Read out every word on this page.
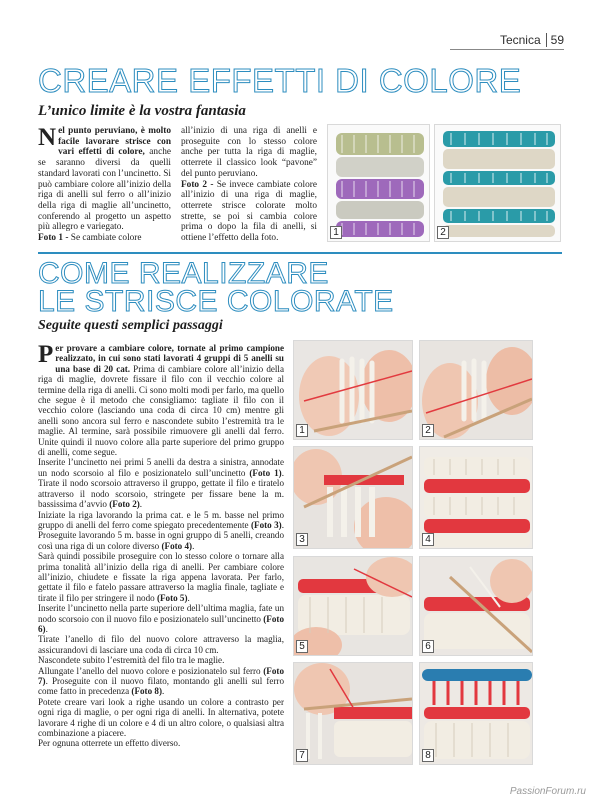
Tecnica 59
CREARE EFFETTI DI COLORE
L’unico limite è la vostra fantasia
Nel punto peruviano, è molto facile lavorare strisce con vari effetti di colore, anche se saranno diversi da quelli standard lavorati con l’uncinetto. Si può cambiare colore all’inizio della riga di anelli sul ferro o all’inizio della riga di maglie all’uncinetto, conferendo al progetto un aspetto più allegro e variegato.
Foto 1 - Se cambiate colore
all’inizio di una riga di anelli e proseguite con lo stesso colore anche per tutta la riga di maglie, otterrete il classico look “pavone” del punto peruviano.
Foto 2 - Se invece cambiate colore all’inizio di una riga di maglie, otterrete strisce colorate molto strette, se poi si cambia colore prima o dopo la fila di anelli, si ottiene l’effetto della foto.
1	2
COME REALIZZARE
LE STRISCE COLORATE
Seguite questi semplici passaggi
Per provare a cambiare colore, tornate al primo campione realizzato, in cui sono stati lavorati 4 gruppi di 5 anelli su una base di 20 cat. Prima di cambiare colore all’inizio della riga di maglie, dovrete fissare il filo con il vecchio colore al termine della riga di anelli. Ci sono molti modi per farlo, ma quello che segue è il metodo che consigliamo: tagliate il filo con il vecchio colore (lasciando una coda di circa 10 cm) mentre gli anelli sono ancora sul ferro e nascondete subito l’estremità tra le maglie. Al termine, sarà possibile rimuovere gli anelli dal ferro. Unite quindi il nuovo colore alla parte superiore del primo gruppo di anelli, come segue.
Inserite l’uncinetto nei primi 5 anelli da destra a sinistra, annodate un nodo scorsoio al filo e posizionatelo sull’uncinetto (Foto 1). Tirate il nodo scorsoio attraverso il gruppo, gettate il filo e tiratelo attraverso il nodo scorsoio, stringete per fissare bene la m. bassissima d’avvio (Foto 2).
Iniziate la riga lavorando la prima cat. e le 5 m. basse nel primo gruppo di anelli del ferro come spiegato precedentemente (Foto 3). Proseguite lavorando 5 m. basse in ogni gruppo di 5 anelli, creando così una riga di un colore diverso (Foto 4).
Sarà quindi possibile proseguire con lo stesso colore o tornare alla prima tonalità all’inizio della riga di anelli. Per cambiare colore all’inizio, chiudete e fissate la riga appena lavorata. Per farlo, gettate il filo e fatelo passare attraverso la maglia finale, tagliate e tirate il filo per stringere il nodo (Foto 5).
Inserite l’uncinetto nella parte superiore dell’ultima maglia, fate un nodo scorsoio con il nuovo filo e posizionatelo sull’uncinetto (Foto 6).
Tirate l’anello di filo del nuovo colore attraverso la maglia, assicurandovi di lasciare una coda di circa 10 cm.
Nascondete subito l’estremità del filo tra le maglie.
Allungate l’anello del nuovo colore e posizionatelo sul ferro (Foto 7). Proseguite con il nuovo filato, montando gli anelli sul ferro come fatto in precedenza (Foto 8).
Potete creare vari look a righe usando un colore a contrasto per ogni riga di maglie, o per ogni riga di anelli. In alternativa, potete lavorare 4 righe di un colore e 4 di un altro colore, o qualsiasi altra combinazione a piacere.
Per ognuna otterrete un effetto diverso.
1	2
3	4
5	6
7	8
PassionForum.ru
